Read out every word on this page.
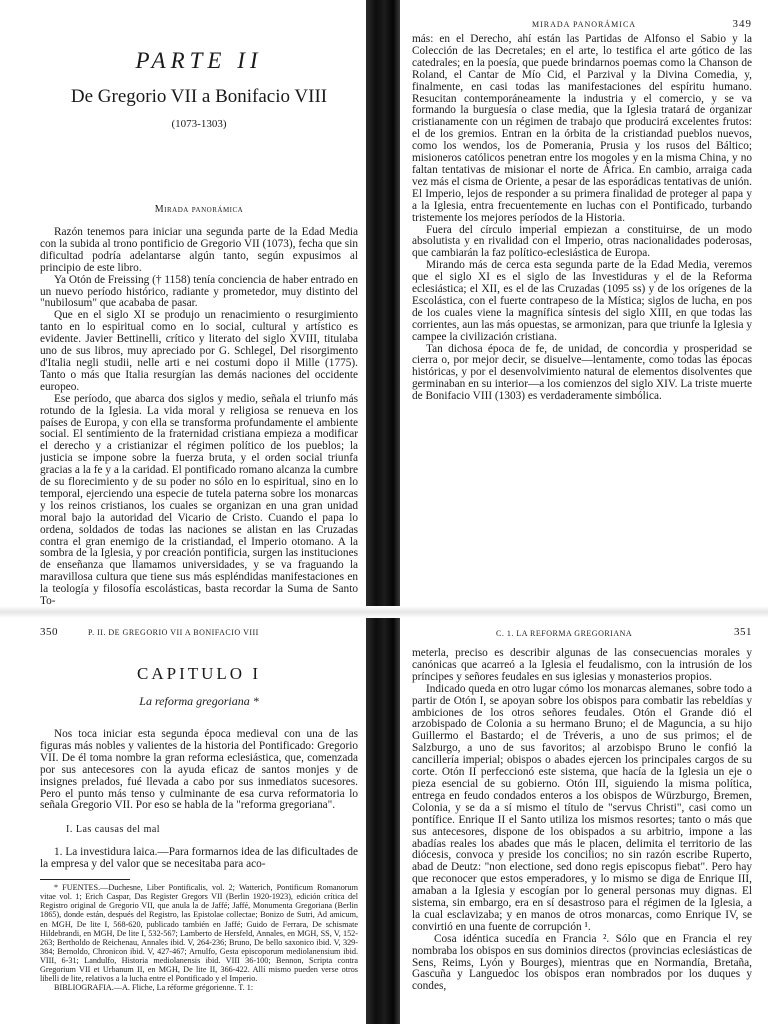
PARTE II
De Gregorio VII a Bonifacio VIII
(1073-1303)
Mirada panorámica

Razón tenemos para iniciar una segunda parte de la Edad Media con la subida al trono pontificio de Gregorio VII (1073), fecha que sin dificultad podría adelantarse algún tanto, según expusimos al principio de este libro.

Ya Otón de Freissing († 1158) tenía conciencia de haber entrado en un nuevo período histórico, radiante y prometedor, muy distinto del "nubilosum" que acababa de pasar.

Que en el siglo XI se produjo un renacimiento o resurgimiento tanto en lo espiritual como en lo social, cultural y artístico es evidente. Javier Bettinelli, crítico y literato del siglo XVIII, titulaba uno de sus libros, muy apreciado por G. Schlegel, Del risorgimento d'Italia negli studii, nelle arti e nei costumi dopo il Mille (1775). Tanto o más que Italia resurgían las demás naciones del occidente europeo.

Ese período, que abarca dos siglos y medio, señala el triunfo más rotundo de la Iglesia. La vida moral y religiosa se renueva en los países de Europa, y con ella se transforma profundamente el ambiente social. El sentimiento de la fraternidad cristiana empieza a modificar el derecho y a cristianizar el régimen político de los pueblos; la justicia se impone sobre la fuerza bruta, y el orden social triunfa gracias a la fe y a la caridad. El pontificado romano alcanza la cumbre de su florecimiento y de su poder no sólo en lo espiritual, sino en lo temporal, ejerciendo una especie de tutela paterna sobre los monarcas y los reinos cristianos, los cuales se organizan en una gran unidad moral bajo la autoridad del Vicario de Cristo. Cuando el papa lo ordena, soldados de todas las naciones se alistan en las Cruzadas contra el gran enemigo de la cristiandad, el Imperio otomano. A la sombra de la Iglesia, y por creación pontificia, surgen las instituciones de enseñanza que llamamos universidades, y se va fraguando la maravillosa cultura que tiene sus más espléndidas manifestaciones en la teología y filosofía escolásticas, basta recordar la Suma de Santo To-

MIRADA PANORÁMICA	349

más: en el Derecho, ahí están las Partidas de Alfonso el Sabio y la Colección de las Decretales; en el arte, lo testifica el arte gótico de las catedrales; en la poesía, que puede brindarnos poemas como la Chanson de Roland, el Cantar de Mío Cid, el Parzival y la Divina Comedia, y, finalmente, en casi todas las manifestaciones del espíritu humano. Resucitan contemporáneamente la industria y el comercio, y se va formando la burguesía o clase media, que la Iglesia tratará de organizar cristianamente con un régimen de trabajo que producirá excelentes frutos: el de los gremios. Entran en la órbita de la cristiandad pueblos nuevos, como los wendos, los de Pomerania, Prusia y los rusos del Báltico; misioneros católicos penetran entre los mogoles y en la misma China, y no faltan tentativas de misionar el norte de África. En cambio, arraiga cada vez más el cisma de Oriente, a pesar de las esporádicas tentativas de unión. El Imperio, lejos de responder a su primera finalidad de proteger al papa y a la Iglesia, entra frecuentemente en luchas con el Pontificado, turbando tristemente los mejores períodos de la Historia.

Fuera del círculo imperial empiezan a constituirse, de un modo absolutista y en rivalidad con el Imperio, otras nacionalidades poderosas, que cambiarán la faz político-eclesiástica de Europa.

Mirando más de cerca esta segunda parte de la Edad Media, veremos que el siglo XI es el siglo de las Investiduras y el de la Reforma eclesiástica; el XII, es el de las Cruzadas (1095 ss) y de los orígenes de la Escolástica, con el fuerte contrapeso de la Mística; siglos de lucha, en pos de los cuales viene la magnífica síntesis del siglo XIII, en que todas las corrientes, aun las más opuestas, se armonizan, para que triunfe la Iglesia y campee la civilización cristiana.

Tan dichosa época de fe, de unidad, de concordia y prosperidad se cierra o, por mejor decir, se disuelve—lentamente, como todas las épocas históricas, y por el desenvolvimiento natural de elementos disolventes que germinaban en su interior—a los comienzos del siglo XIV. La triste muerte de Bonifacio VIII (1303) es verdaderamente simbólica.

350	P. II. DE GREGORIO VII A BONIFACIO VIII
CAPITULO I
La reforma gregoriana *

Nos toca iniciar esta segunda época medieval con una de las figuras más nobles y valientes de la historia del Pontificado: Gregorio VII. De él toma nombre la gran reforma eclesiástica, que, comenzada por sus antecesores con la ayuda eficaz de santos monjes y de insignes prelados, fué llevada a cabo por sus inmediatos sucesores. Pero el punto más tenso y culminante de esa curva reformatoria lo señala Gregorio VII. Por eso se habla de la "reforma gregoriana".

I. Las causas del mal

1. La investidura laica.—Para formarnos idea de las dificultades de la empresa y del valor que se necesitaba para aco-

* FUENTES.—Duchesne, Liber Pontificalis, vol. 2; Watterich, Pontificum Romanorum vitae vol. 1; Erich Caspar, Das Register Gregors VII (Berlin 1920-1923), edición crítica del Registro original de Gregorio VII, que anula la de Jaffé; Jaffé, Monumenta Gregoriana (Berlin 1865), donde están, después del Registro, las Epistolae collectae; Bonizo de Sutri, Ad amicum, en MGH, De lite I, 568-620, publicado también en Jaffé; Guido de Ferrara, De schismate Hildebrandi, en MGH, De lite I, 532-567; Lamberto de Hersfeld, Annales, en MGH, SS, V, 152-263; Bertholdo de Reichenau, Annales ibid. V, 264-236; Bruno, De bello saxonico ibid. V, 329-384; Bernoldo, Chronicon ibid. V, 427-467; Arnulfo, Gesta episcoporum mediolanensium ibid. VIII, 6-31; Landulfo, Historia mediolanensis ibid. VIII 36-100; Bennon, Scripta contra Gregorium VII et Urbanum II, en MGH, De lite II, 366-422. Allí mismo pueden verse otros libelli de lite, relativos a la lucha entre el Pontificado y el Imperio.

BIBLIOGRAFIA.—A. Fliche, La réforme grégorienne. T. 1:

C. 1. LA REFORMA GREGORIANA	351

meterla, preciso es describir algunas de las consecuencias morales y canónicas que acarreó a la Iglesia el feudalismo, con la intrusión de los príncipes y señores feudales en sus iglesias y monasterios propios.

Indicado queda en otro lugar cómo los monarcas alemanes, sobre todo a partir de Otón I, se apoyan sobre los obispos para combatir las rebeldías y ambiciones de los otros señores feudales. Otón el Grande dió el arzobispado de Colonia a su hermano Bruno; el de Maguncia, a su hijo Guillermo el Bastardo; el de Tréveris, a uno de sus primos; el de Salzburgo, a uno de sus favoritos; al arzobispo Bruno le confió la cancillería imperial; obispos o abades ejercen los principales cargos de su corte. Otón II perfeccionó este sistema, que hacía de la Iglesia un eje o pieza esencial de su gobierno. Otón III, siguiendo la misma política, entrega en feudo condados enteros a los obispos de Würzburgo, Bremen, Colonia, y se da a sí mismo el título de "servus Christi", casi como un pontífice. Enrique II el Santo utiliza los mismos resortes; tanto o más que sus antecesores, dispone de los obispados a su arbitrio, impone a las abadías reales los abades que más le placen, delimita el territorio de las diócesis, convoca y preside los concilios; no sin razón escribe Ruperto, abad de Deutz: "non electione, sed dono regis episcopus fiebat". Pero hay que reconocer que estos emperadores, y lo mismo se diga de Enrique III, amaban a la Iglesia y escogían por lo general personas muy dignas. El sistema, sin embargo, era en sí desastroso para el régimen de la Iglesia, a la cual esclavizaba; y en manos de otros monarcas, como Enrique IV, se convirtió en una fuente de corrupción ¹.

Cosa idéntica sucedía en Francia ². Sólo que en Francia el rey nombraba los obispos en sus dominios directos (provincias eclesiásticas de Sens, Reims, Lyón y Bourges), mientras que en Normandía, Bretaña, Gascuña y Languedoc los obispos eran nombrados por los duques y condes,
